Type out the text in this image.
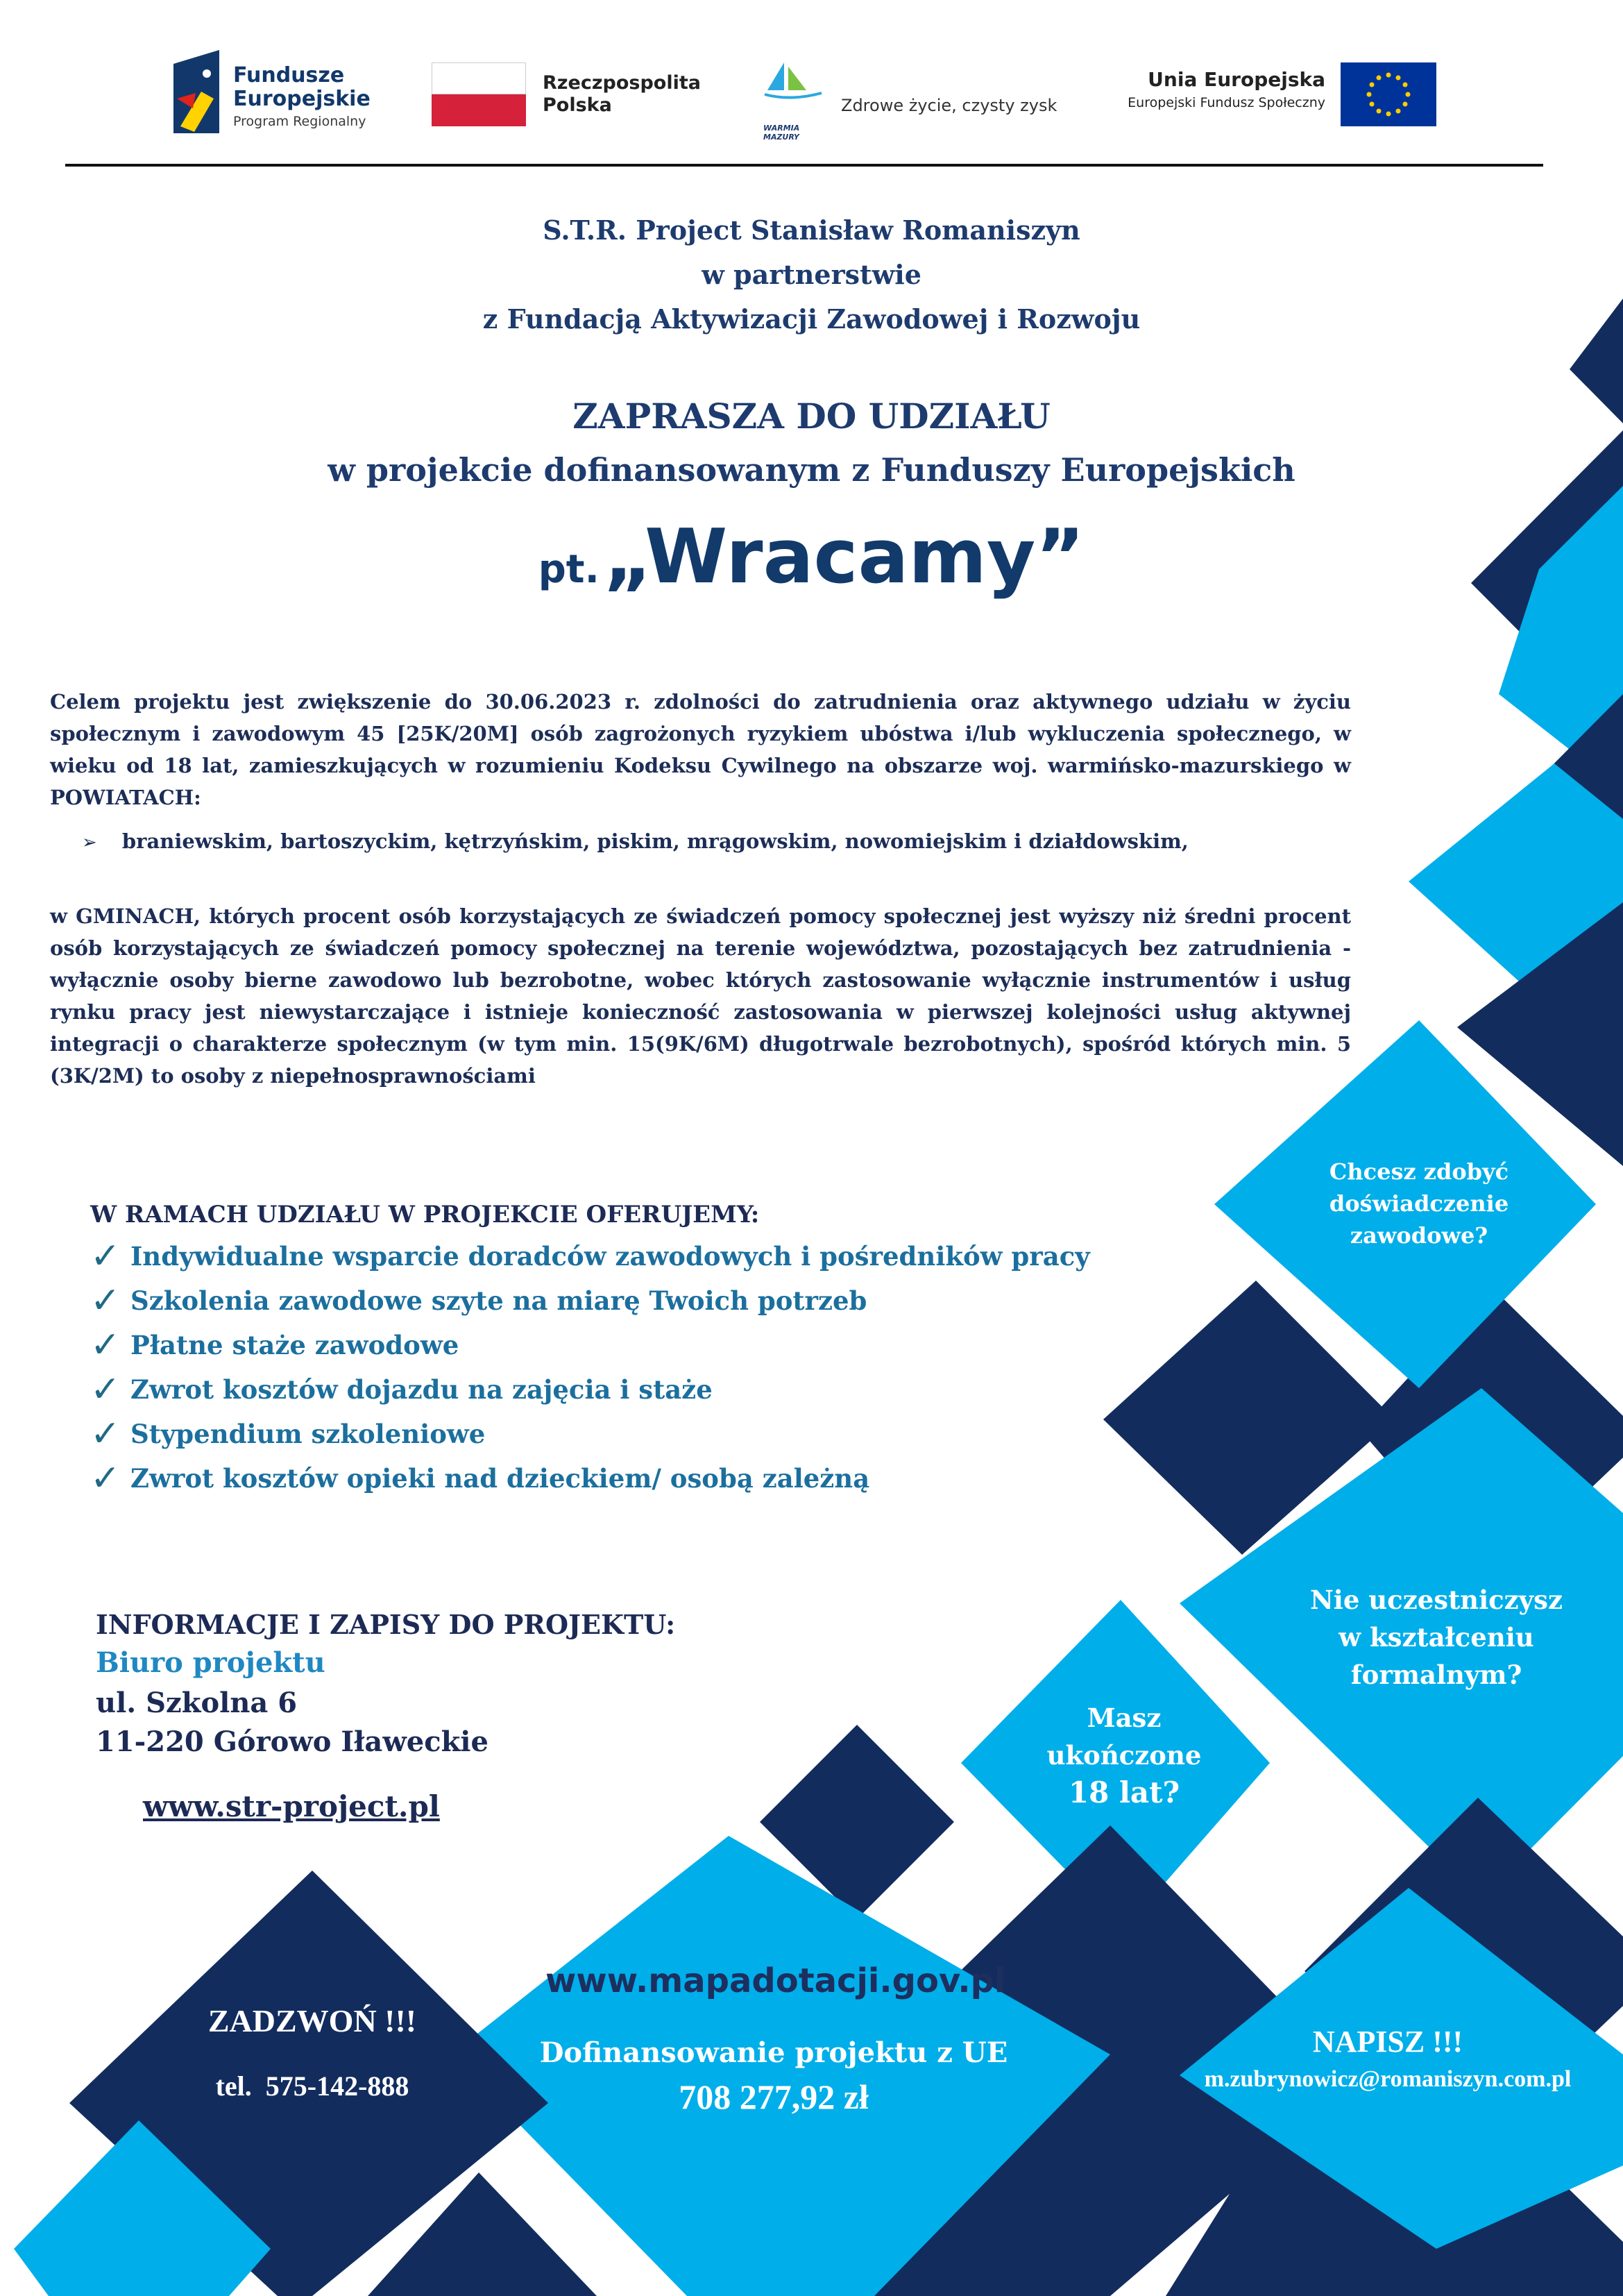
Fundusze
Europejskie
Program Regionalny
Rzeczpospolita
Polska
WARMIA MAZURY
Zdrowe życie, czysty zysk
Unia Europejska
Europejski Fundusz Społeczny
S.T.R. Project Stanisław Romaniszyn
w partnerstwie
z Fundacją Aktywizacji Zawodowej i Rozwoju
ZAPRASZA DO UDZIAŁU
w projekcie dofinansowanym z Funduszy Europejskich
pt. „Wracamy”
Celem projektu jest zwiększenie do 30.06.2023 r. zdolności do zatrudnienia oraz aktywnego udziału w życiu
społecznym i zawodowym 45 [25K/20M] osób zagrożonych ryzykiem ubóstwa i/lub wykluczenia społecznego, w
wieku od 18 lat, zamieszkujących w rozumieniu Kodeksu Cywilnego na obszarze woj. warmińsko-mazurskiego w
POWIATACH:
➢ braniewskim, bartoszyckim, kętrzyńskim, piskim, mrągowskim, nowomiejskim i działdowskim,
w GMINACH, których procent osób korzystających ze świadczeń pomocy społecznej jest wyższy niż średni procent
osób korzystających ze świadczeń pomocy społecznej na terenie województwa, pozostających bez zatrudnienia -
wyłącznie osoby bierne zawodowo lub bezrobotne, wobec których zastosowanie wyłącznie instrumentów i usług
rynku pracy jest niewystarczające i istnieje konieczność zastosowania w pierwszej kolejności usług aktywnej
integracji o charakterze społecznym (w tym min. 15(9K/6M) długotrwale bezrobotnych), spośród których min. 5
(3K/2M) to osoby z niepełnosprawnościami
W RAMACH UDZIAŁU W PROJEKCIE OFERUJEMY:
✓ Indywidualne wsparcie doradców zawodowych i pośredników pracy
✓ Szkolenia zawodowe szyte na miarę Twoich potrzeb
✓ Płatne staże zawodowe
✓ Zwrot kosztów dojazdu na zajęcia i staże
✓ Stypendium szkoleniowe
✓ Zwrot kosztów opieki nad dzieckiem/ osobą zależną
INFORMACJE I ZAPISY DO PROJEKTU:
Biuro projektu
ul. Szkolna 6
11-220 Górowo Iławeckie
www.str-project.pl
Chcesz zdobyć
doświadczenie
zawodowe?
Nie uczestniczysz
w kształceniu
formalnym?
Masz
ukończone
18 lat?
ZADZWOŃ !!!
tel.  575-142-888
www.mapadotacji.gov.pl
Dofinansowanie projektu z UE
708 277,92 zł
NAPISZ !!!
m.zubrynowicz@romaniszyn.com.pl
